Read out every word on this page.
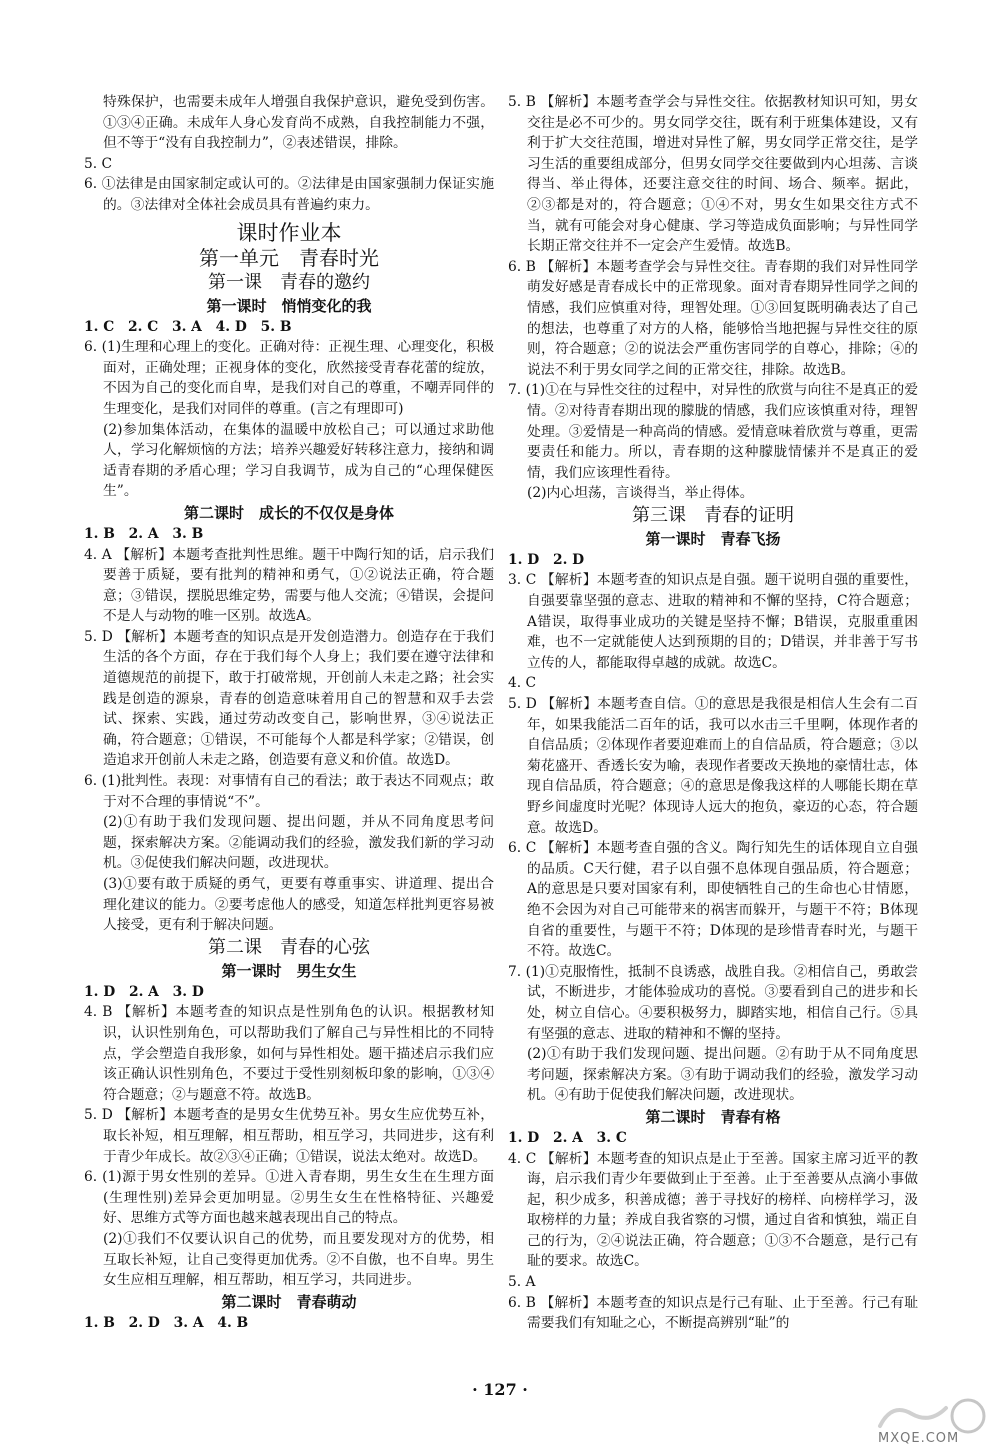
特殊保护，也需要未成年人增强自我保护意识，避免受到伤害。①③④正确。未成年人身心发育尚不成熟，自我控制能力不强，但不等于“没有自我控制力”，②表述错误，排除。
5. C
6. ①法律是由国家制定或认可的。②法律是由国家强制力保证实施的。③法律对全体社会成员具有普遍约束力。
课时作业本
第一单元　青春时光
第一课　青春的邀约
第一课时　悄悄变化的我
1. C　2. C　3. A　4. D　5. B
6. (1)生理和心理上的变化。正确对待：正视生理、心理变化，积极面对，正确处理；正视身体的变化，欣然接受青春花蕾的绽放，不因为自己的变化而自卑，是我们对自己的尊重，不嘲弄同伴的生理变化，是我们对同伴的尊重。(言之有理即可)
(2)参加集体活动，在集体的温暖中放松自己；可以通过求助他人，学习化解烦恼的方法；培养兴趣爱好转移注意力，接纳和调适青春期的矛盾心理；学习自我调节，成为自己的“心理保健医生”。
第二课时　成长的不仅仅是身体
1. B　2. A　3. B
4. A 【解析】本题考查批判性思维。题干中陶行知的话，启示我们要善于质疑，要有批判的精神和勇气，①②说法正确，符合题意；③错误，摆脱思维定势，需要与他人交流；④错误，会提问不是人与动物的唯一区别。故选A。
5. D 【解析】本题考查的知识点是开发创造潜力。创造存在于我们生活的各个方面，存在于我们每个人身上；我们要在遵守法律和道德规范的前提下，敢于打破常规，开创前人未走之路；社会实践是创造的源泉，青春的创造意味着用自己的智慧和双手去尝试、探索、实践，通过劳动改变自己，影响世界，③④说法正确，符合题意；①错误，不可能每个人都是科学家；②错误，创造追求开创前人未走之路，创造要有意义和价值。故选D。
6. (1)批判性。表现：对事情有自己的看法；敢于表达不同观点；敢于对不合理的事情说“不”。
(2)①有助于我们发现问题、提出问题，并从不同角度思考问题，探索解决方案。②能调动我们的经验，激发我们新的学习动机。③促使我们解决问题，改进现状。
(3)①要有敢于质疑的勇气，更要有尊重事实、讲道理、提出合理化建议的能力。②要考虑他人的感受，知道怎样批判更容易被人接受，更有利于解决问题。
第二课　青春的心弦
第一课时　男生女生
1. D　2. A　3. D
4. B 【解析】本题考查的知识点是性别角色的认识。根据教材知识，认识性别角色，可以帮助我们了解自己与异性相比的不同特点，学会塑造自我形象，如何与异性相处。题干描述启示我们应该正确认识性别角色，不要过于受性别刻板印象的影响，①③④符合题意；②与题意不符。故选B。
5. D 【解析】本题考查的是男女生优势互补。男女生应优势互补，取长补短，相互理解，相互帮助，相互学习，共同进步，这有利于青少年成长。故②③④正确；①错误，说法太绝对。故选D。
6. (1)源于男女性别的差异。①进入青春期，男生女生在生理方面(生理性别)差异会更加明显。②男生女生在性格特征、兴趣爱好、思维方式等方面也越来越表现出自己的特点。
(2)①我们不仅要认识自己的优势，而且要发现对方的优势，相互取长补短，让自己变得更加优秀。②不自傲，也不自卑。男生女生应相互理解，相互帮助，相互学习，共同进步。
第二课时　青春萌动
1. B　2. D　3. A　4. B
5. B 【解析】本题考查学会与异性交往。依据教材知识可知，男女交往是必不可少的。男女同学交往，既有利于班集体建设，又有利于扩大交往范围，增进对异性了解，男女同学正常交往，是学习生活的重要组成部分，但男女同学交往要做到内心坦荡、言谈得当、举止得体，还要注意交往的时间、场合、频率。据此，②③都是对的，符合题意；①④不对，男女生如果交往方式不当，就有可能会对身心健康、学习等造成负面影响；与异性同学长期正常交往并不一定会产生爱情。故选B。
6. B 【解析】本题考查学会与异性交往。青春期的我们对异性同学萌发好感是青春成长中的正常现象。面对青春期异性同学之间的情感，我们应慎重对待，理智处理。①③回复既明确表达了自己的想法，也尊重了对方的人格，能够恰当地把握与异性交往的原则，符合题意；②的说法会严重伤害同学的自尊心，排除；④的说法不利于男女同学之间的正常交往，排除。故选B。
7. (1)①在与异性交往的过程中，对异性的欣赏与向往不是真正的爱情。②对待青春期出现的朦胧的情感，我们应该慎重对待，理智处理。③爱情是一种高尚的情感。爱情意味着欣赏与尊重，更需要责任和能力。所以，青春期的这种朦胧情愫并不是真正的爱情，我们应该理性看待。
(2)内心坦荡，言谈得当，举止得体。
第三课　青春的证明
第一课时　青春飞扬
1. D　2. D
3. C 【解析】本题考查的知识点是自强。题干说明自强的重要性，自强要靠坚强的意志、进取的精神和不懈的坚持，C符合题意；A错误，取得事业成功的关键是坚持不懈；B错误，克服重重困难，也不一定就能使人达到预期的目的；D错误，并非善于写书立传的人，都能取得卓越的成就。故选C。
4. C
5. D 【解析】本题考查自信。①的意思是我很是相信人生会有二百年，如果我能活二百年的话，我可以水击三千里啊，体现作者的自信品质；②体现作者要迎难而上的自信品质，符合题意；③以菊花盛开、香透长安为喻，表现作者要改天换地的豪情壮志，体现自信品质，符合题意；④的意思是像我这样的人哪能长期在草野乡间虚度时光呢？体现诗人远大的抱负，豪迈的心态，符合题意。故选D。
6. C 【解析】本题考查自强的含义。陶行知先生的话体现自立自强的品质。C天行健，君子以自强不息体现自强品质，符合题意；A的意思是只要对国家有利，即使牺牲自己的生命也心甘情愿，绝不会因为对自己可能带来的祸害而躲开，与题干不符；B体现自省的重要性，与题干不符；D体现的是珍惜青春时光，与题干不符。故选C。
7. (1)①克服惰性，抵制不良诱惑，战胜自我。②相信自己，勇敢尝试，不断进步，才能体验成功的喜悦。③要看到自己的进步和长处，树立自信心。④要积极努力，脚踏实地，相信自己行。⑤具有坚强的意志、进取的精神和不懈的坚持。
(2)①有助于我们发现问题、提出问题。②有助于从不同角度思考问题，探索解决方案。③有助于调动我们的经验，激发学习动机。④有助于促使我们解决问题，改进现状。
第二课时　青春有格
1. D　2. A　3. C
4. C 【解析】本题考查的知识点是止于至善。国家主席习近平的教诲，启示我们青少年要做到止于至善。止于至善要从点滴小事做起，积少成多，积善成德；善于寻找好的榜样、向榜样学习，汲取榜样的力量；养成自我省察的习惯，通过自省和慎独，端正自己的行为，②④说法正确，符合题意；①③不合题意，是行己有耻的要求。故选C。
5. A
6. B 【解析】本题考查的知识点是行己有耻、止于至善。行己有耻需要我们有知耻之心，不断提高辨别“耻”的
· 127 ·
MXQE.COM
